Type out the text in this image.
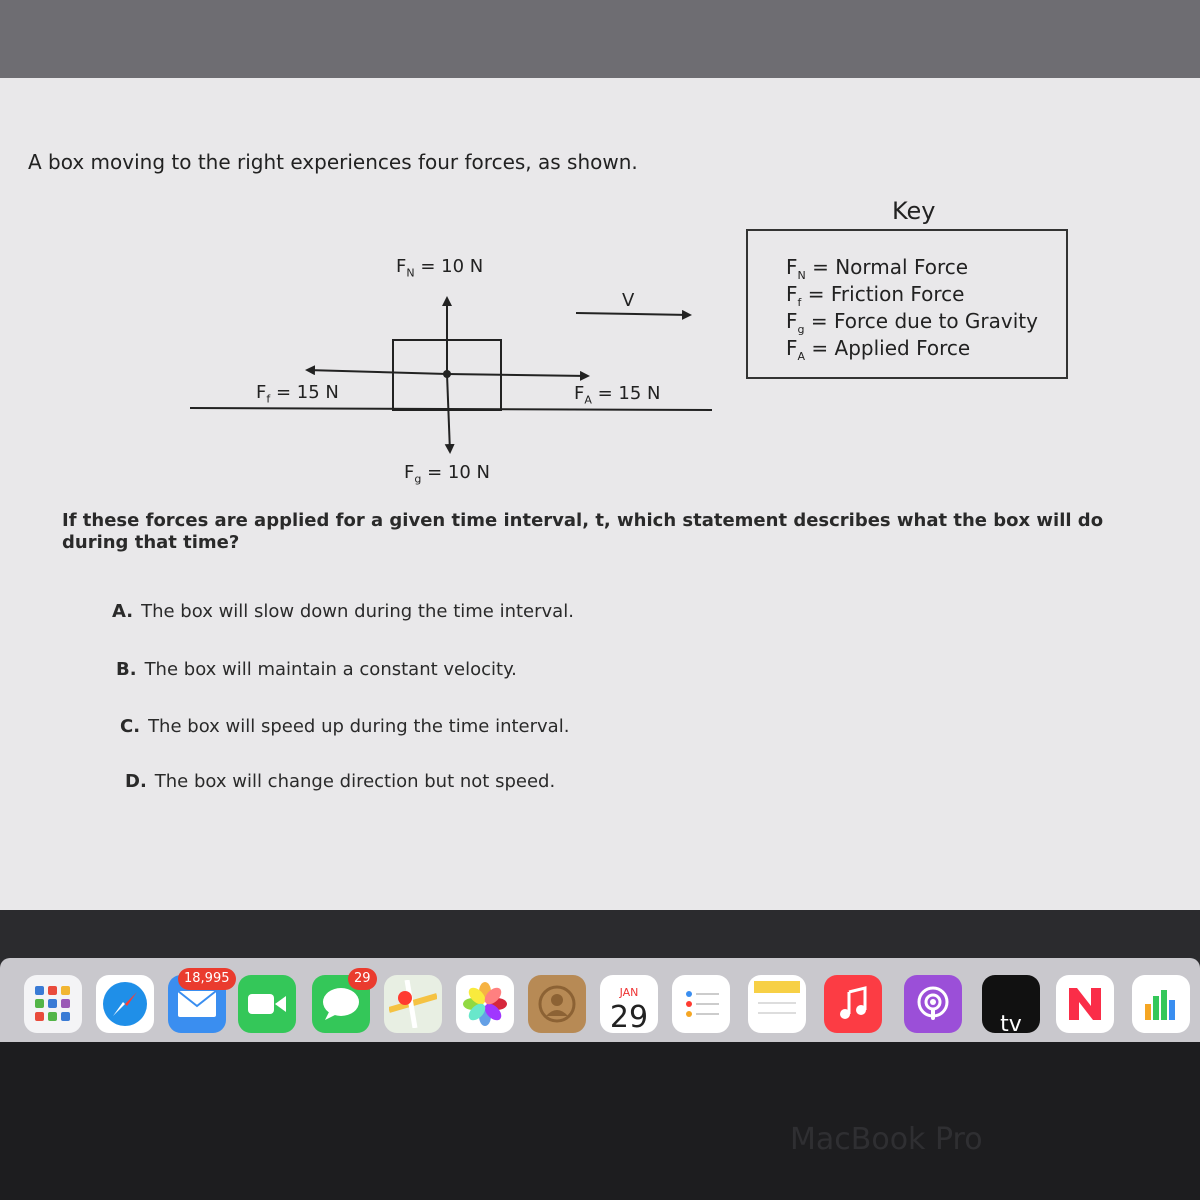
A box moving to the right experiences four forces, as shown.
Key
$F_N$ = Normal Force
$F_f$ = Friction Force
$F_g$ = Force due to Gravity
$F_A$ = Applied Force
$F_N = 10$ N
V
$F_f = 15$ N	$F_A = 15$ N
$F_g = 10$ N
If these forces are applied for a given time interval, t, which statement describes what the box will do during that time?
A. The box will slow down during the time interval.
B. The box will maintain a constant velocity.
C. The box will speed up during the time interval.
D. The box will change direction but not speed.
18,995	29
JAN
29	tv
MacBook Pro
